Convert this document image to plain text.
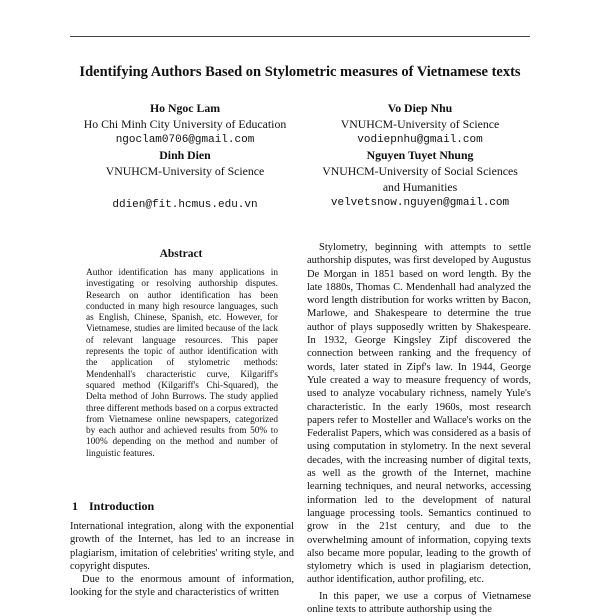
Identifying Authors Based on Stylometric measures of Vietnamese texts
Ho Ngoc Lam
Ho Chi Minh City University of Education
ngoclam0706@gmail.com
Vo Diep Nhu
VNUHCM-University of Science
vodiepnhu@gmail.com
Dinh Dien
VNUHCM-University of Science
ddien@fit.hcmus.edu.vn
Nguyen Tuyet Nhung
VNUHCM-University of Social Sciences
and Humanities
velvetsnow.nguyen@gmail.com
Abstract
Author identification has many applications in investigating or resolving authorship disputes. Research on author identification has been conducted in many high resource languages, such as English, Chinese, Spanish, etc. However, for Vietnamese, studies are limited because of the lack of relevant language resources. This paper represents the topic of author identification with the application of stylometric methods: Mendenhall's characteristic curve, Kilgariff's squared method (Kilgariff's Chi-Squared), the Delta method of John Burrows. The study applied three different methods based on a corpus extracted from Vietnamese online newspapers, categorized by each author and achieved results from 50% to 100% depending on the method and number of linguistic features.
1 Introduction

International integration, along with the exponential growth of the Internet, has led to an increase in plagiarism, imitation of celebrities' writing style, and copyright disputes.

Due to the enormous amount of information, looking for the style and characteristics of written

Stylometry, beginning with attempts to settle authorship disputes, was first developed by Augustus De Morgan in 1851 based on word length. By the late 1880s, Thomas C. Mendenhall had analyzed the word length distribution for works written by Bacon, Marlowe, and Shakespeare to determine the true author of plays supposedly written by Shakespeare. In 1932, George Kingsley Zipf discovered the connection between ranking and the frequency of words, later stated in Zipf's law. In 1944, George Yule created a way to measure frequency of words, used to analyze vocabulary richness, namely Yule's characteristic. In the early 1960s, most research papers refer to Mosteller and Wallace's works on the Federalist Papers, which was considered as a basis of using computation in stylometry. In the next several decades, with the increasing number of digital texts, as well as the growth of the Internet, machine learning techniques, and neural networks, accessing information led to the development of natural language processing tools. Semantics continued to grow in the 21st century, and due to the overwhelming amount of information, copying texts also became more popular, leading to the growth of stylometry which is used in plagiarism detection, author identification, author profiling, etc.

In this paper, we use a corpus of Vietnamese online texts to attribute authorship using the
